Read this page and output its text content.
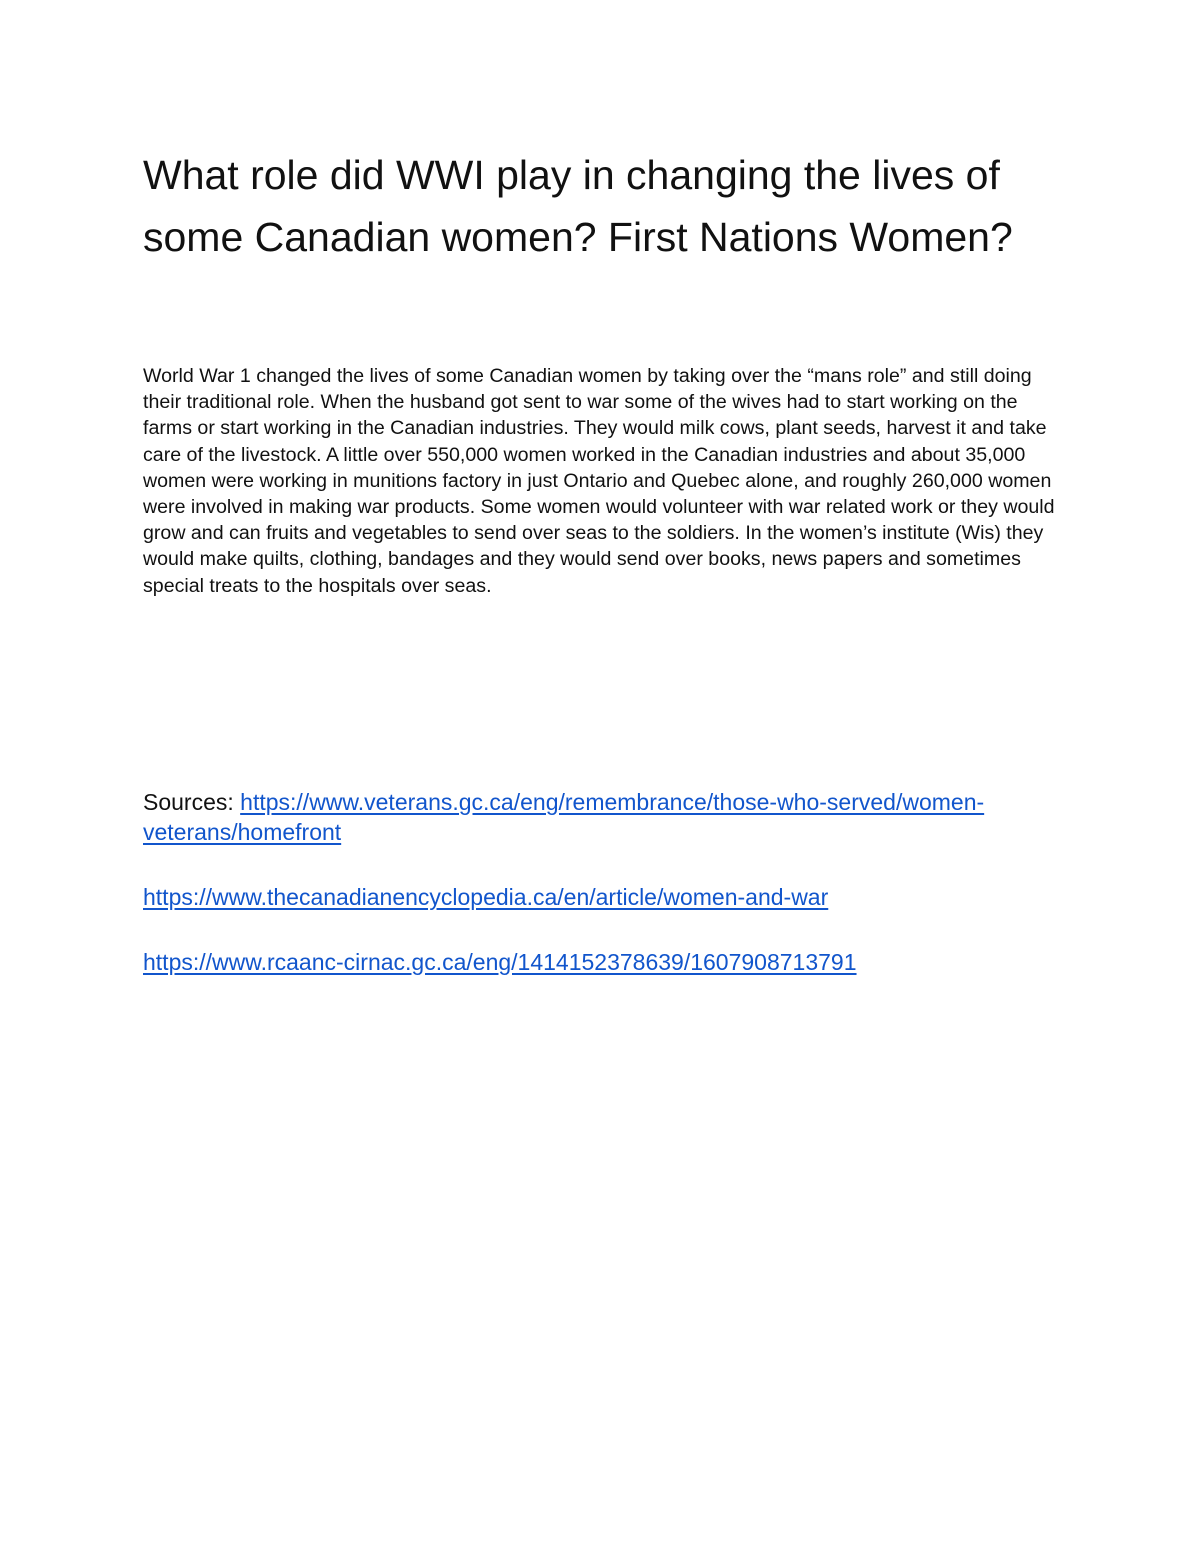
What role did WWI play in changing the lives of some Canadian women? First Nations Women?

World War 1 changed the lives of some Canadian women by taking over the “mans role” and still doing their traditional role. When the husband got sent to war some of the wives had to start working on the farms or start working in the Canadian industries. They would milk cows, plant seeds, harvest it and take care of the livestock. A little over 550,000 women worked in the Canadian industries and about 35,000 women were working in munitions factory in just Ontario and Quebec alone, and roughly 260,000 women were involved in making war products. Some women would volunteer with war related work or they would grow and can fruits and vegetables to send over seas to the soldiers. In the women’s institute (Wis) they would make quilts, clothing, bandages and they would send over books, news papers and sometimes special treats to the hospitals over seas.

Sources: https://www.veterans.gc.ca/eng/remembrance/those-who-served/women-veterans/homefront

https://www.thecanadianencyclopedia.ca/en/article/women-and-war

https://www.rcaanc-cirnac.gc.ca/eng/1414152378639/1607908713791
